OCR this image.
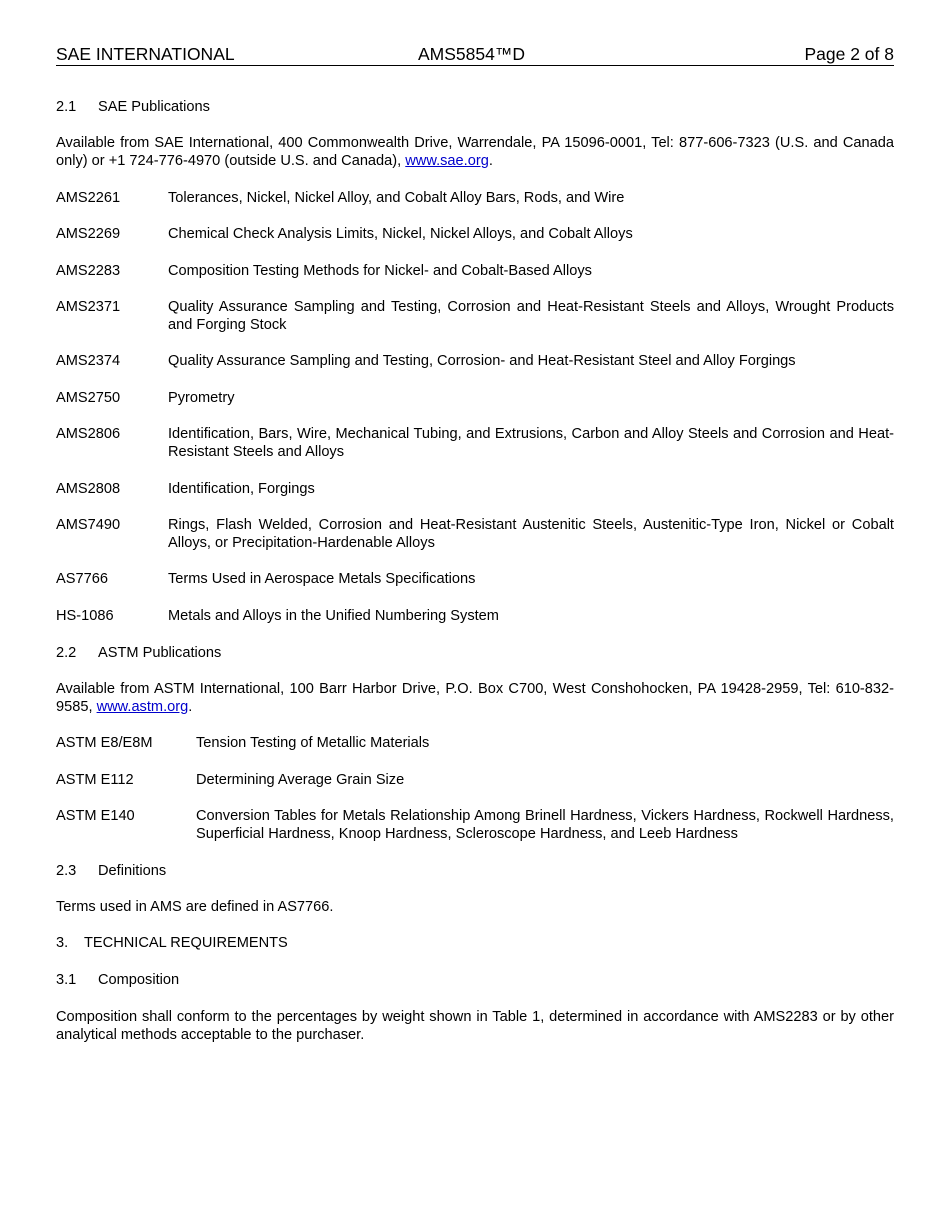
SAE INTERNATIONAL	AMS5854™D	Page 2 of 8
2.1 SAE Publications
Available from SAE International, 400 Commonwealth Drive, Warrendale, PA 15096-0001, Tel: 877-606-7323 (U.S. and Canada only) or +1 724-776-4970 (outside U.S. and Canada), www.sae.org.
AMS2261	Tolerances, Nickel, Nickel Alloy, and Cobalt Alloy Bars, Rods, and Wire
AMS2269	Chemical Check Analysis Limits, Nickel, Nickel Alloys, and Cobalt Alloys
AMS2283	Composition Testing Methods for Nickel- and Cobalt-Based Alloys
AMS2371	Quality Assurance Sampling and Testing, Corrosion and Heat-Resistant Steels and Alloys, Wrought Products and Forging Stock
AMS2374	Quality Assurance Sampling and Testing, Corrosion- and Heat-Resistant Steel and Alloy Forgings
AMS2750	Pyrometry
AMS2806	Identification, Bars, Wire, Mechanical Tubing, and Extrusions, Carbon and Alloy Steels and Corrosion and Heat-Resistant Steels and Alloys
AMS2808	Identification, Forgings
AMS7490	Rings, Flash Welded, Corrosion and Heat-Resistant Austenitic Steels, Austenitic-Type Iron, Nickel or Cobalt Alloys, or Precipitation-Hardenable Alloys
AS7766	Terms Used in Aerospace Metals Specifications
HS-1086	Metals and Alloys in the Unified Numbering System
2.2 ASTM Publications
Available from ASTM International, 100 Barr Harbor Drive, P.O. Box C700, West Conshohocken, PA 19428-2959, Tel: 610-832-9585, www.astm.org.
ASTM E8/E8M	Tension Testing of Metallic Materials
ASTM E112	Determining Average Grain Size
ASTM E140	Conversion Tables for Metals Relationship Among Brinell Hardness, Vickers Hardness, Rockwell Hardness, Superficial Hardness, Knoop Hardness, Scleroscope Hardness, and Leeb Hardness
2.3 Definitions
Terms used in AMS are defined in AS7766.
3. TECHNICAL REQUIREMENTS
3.1 Composition
Composition shall conform to the percentages by weight shown in Table 1, determined in accordance with AMS2283 or by other analytical methods acceptable to the purchaser.
